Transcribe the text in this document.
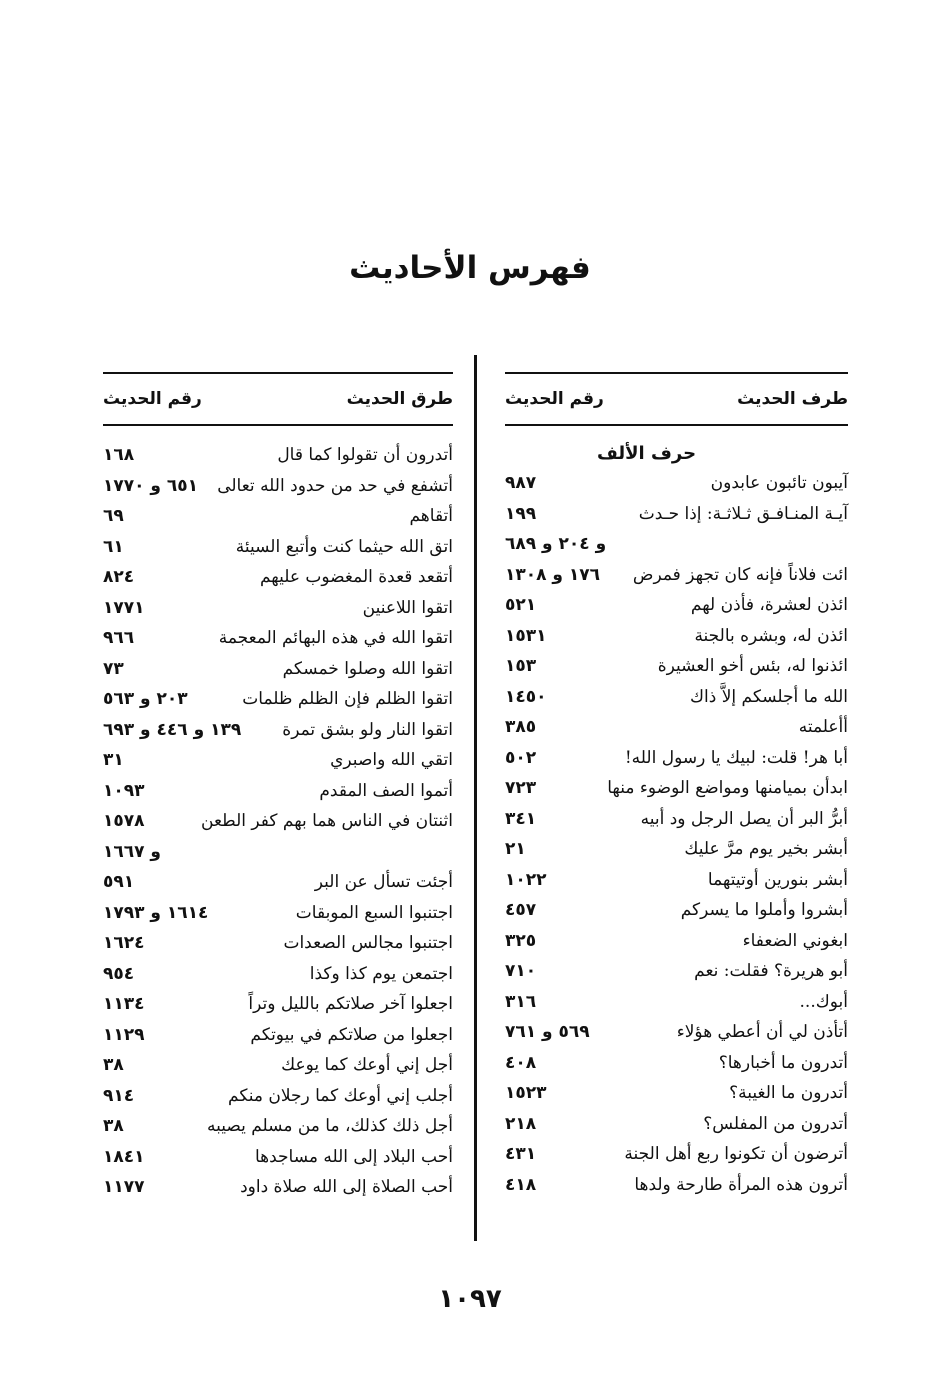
فهرس الأحاديث
طرف الحديث
رقم الحديث
حرف الألف
آيبون تائبون عابدون
٩٨٧
آيـة المنـافـق ثـلاثـة: إذا حـدث
١٩٩
و ٢٠٤ و ٦٨٩
ائت فلاناً فإنه كان تجهز فمرض
١٧٦ و ١٣٠٨
ائذن لعشرة، فأذن لهم
٥٢١
ائذن له، وبشره بالجنة
١٥٣١
ائذنوا له، بئس أخو العشيرة
١٥٣
الله ما أجلسكم إلاَّ ذاك
١٤٥٠
أأعلمته
٣٨٥
أبا هر! قلت: لبيك يا رسول الله!
٥٠٢
ابدأن بميامنها ومواضع الوضوء منها
٧٢٣
أبرُّ البر أن يصل الرجل ود أبيه
٣٤١
أبشر بخير يوم مرَّ عليك
٢١
أبشر بنورين أوتيتهما
١٠٢٢
أبشروا وأملوا ما يسركم
٤٥٧
ابغوني الضعفاء
٣٢٥
أبو هريرة؟ فقلت: نعم
٧١٠
أبوك...
٣١٦
أتأذن لي أن أعطي هؤلاء
٥٦٩ و ٧٦١
أتدرون ما أخبارها؟
٤٠٨
أتدرون ما الغيبة؟
١٥٢٣
أتدرون من المفلس؟
٢١٨
أترضون أن تكونوا ربع أهل الجنة
٤٣١
أترون هذه المرأة طارحة ولدها
٤١٨
طرق الحديث
رقم الحديث
أتدرون أن تقولوا كما قال
١٦٨
أتشفع في حد من حدود الله تعالى
٦٥١ و ١٧٧٠
أتقاهم
٦٩
اتق الله حيثما كنت وأتبع السيئة
٦١
أتقعد قعدة المغضوب عليهم
٨٢٤
اتقوا اللاعنين
١٧٧١
اتقوا الله في هذه البهائم المعجمة
٩٦٦
اتقوا الله وصلوا خمسكم
٧٣
اتقوا الظلم فإن الظلم ظلمات
٢٠٣ و ٥٦٣
اتقوا النار ولو بشق تمرة
١٣٩ و ٤٤٦ و ٦٩٣
اتقي الله واصبري
٣١
أتموا الصف المقدم
١٠٩٣
اثنتان في الناس هما بهم كفر الطعن
١٥٧٨
و ١٦٦٧
أجئت تسأل عن البر
٥٩١
اجتنبوا السبع الموبقات
١٦١٤ و ١٧٩٣
اجتنبوا مجالس الصعدات
١٦٢٤
اجتمعن يوم كذا وكذا
٩٥٤
اجعلوا آخر صلاتكم بالليل وتراً
١١٣٤
اجعلوا من صلاتكم في بيوتكم
١١٢٩
أجل إني أوعك كما يوعك
٣٨
أجلب إني أوعك كما رجلان منكم
٩١٤
أجل ذلك كذلك، ما من مسلم يصيبه
٣٨
أحب البلاد إلى الله مساجدها
١٨٤١
أحب الصلاة إلى الله صلاة داود
١١٧٧
١٠٩٧
